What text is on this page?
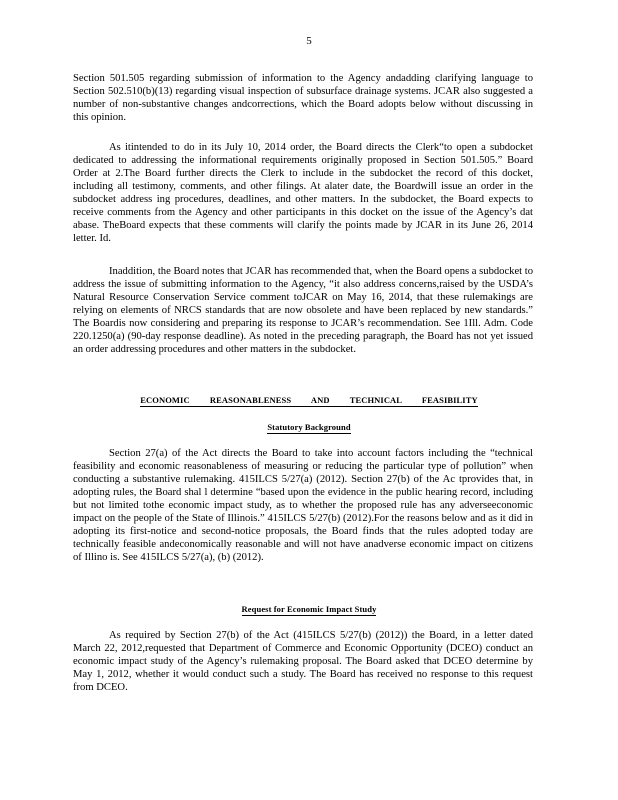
5

Section 501.505 regarding submission of information to the Agency andadding clarifying language to Section 502.510(b)(13) regarding visual inspection of subsurface drainage systems. JCAR also suggested a number of non-substantive changes andcorrections, which the Board adopts below without discussing in this opinion.

As itintended to do in its July 10, 2014 order, the Board directs the Clerk“to open a subdocket dedicated to addressing the informational requirements originally proposed in Section 501.505.” Board Order at 2.The Board further directs the Clerk to include in the subdocket the record of this docket, including all testimony, comments, and other filings. At alater date, the Boardwill issue an order in the subdocket address ing procedures, deadlines, and other matters. In the subdocket, the Board expects to receive comments from the Agency and other participants in this docket on the issue of the Agency’s dat abase. TheBoard expects that these comments will clarify the points made by JCAR in its June 26, 2014 letter. Id.

Inaddition, the Board notes that JCAR has recommended that, when the Board opens a subdocket to address the issue of submitting information to the Agency, “it also address concerns,raised by the USDA’s Natural Resource Conservation Service comment toJCAR on May 16, 2014, that these rulemakings are relying on elements of NRCS standards that are now obsolete and have been replaced by new standards.” The Boardis now considering and preparing its response to JCAR’s recommendation. See 1Ill. Adm. Code 220.1250(a) (90-day response deadline). As noted in the preceding paragraph, the Board has not yet issued an order addressing procedures and other matters in the subdocket.

ECONOMIC REASONABLENESS AND TECHNICAL FEASIBILITY
Statutory Background

Section 27(a) of the Act directs the Board to take into account factors including the “technical feasibility and economic reasonableness of measuring or reducing the particular type of pollution” when conducting a substantive rulemaking. 415ILCS 5/27(a) (2012). Section 27(b) of the Ac tprovides that, in adopting rules, the Board shal l determine “based upon the evidence in the public hearing record, including but not limited tothe economic impact study, as to whether the proposed rule has any adverseeconomic impact on the people of the State of Illinois.” 415ILCS 5/27(b) (2012).For the reasons below and as it did in adopting its first-notice and second-notice proposals, the Board finds that the rules adopted today are technically feasible andeconomically reasonable and will not have anadverse economic impact on citizens of Illino is. See 415ILCS 5/27(a), (b) (2012).

Request for Economic Impact Study

As required by Section 27(b) of the Act (415ILCS 5/27(b) (2012)) the Board, in a letter dated March 22, 2012,requested that Department of Commerce and Economic Opportunity (DCEO) conduct an economic impact study of the Agency’s rulemaking proposal. The Board asked that DCEO determine by May 1, 2012, whether it would conduct such a study. The Board has received no response to this request from DCEO.
